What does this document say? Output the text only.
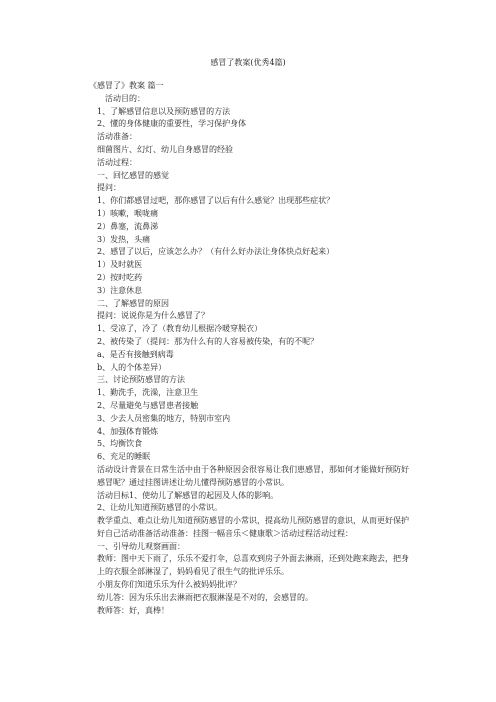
感冒了教案(优秀4篇)
《感冒了》教案 篇一
活动目的：
1、了解感冒信息以及预防感冒的方法
2、懂的身体健康的重要性，学习保护身体
活动准备：
细菌图片、幻灯、幼儿自身感冒的经验
活动过程：
一、回忆感冒的感觉
提问：
1、你们都感冒过吧，那你感冒了以后有什么感觉？出现那些症状？
1）咳嗽，喉咙痛
2）鼻塞，流鼻涕
3）发热，头痛
2、感冒了以后，应该怎么办？（有什么好办法让身体快点好起来）
1）及时就医
2）按时吃药
3）注意休息
二、了解感冒的原因
提问：说说你是为什么感冒了？
1、受凉了，冷了（教育幼儿根据冷暖穿脱衣）
2、被传染了（提问：那为什么有的人容易被传染，有的不呢？
a、是否有接触到病毒
b、人的个体差异）
三、讨论预防感冒的方法
1、勤洗手，洗澡，注意卫生
2、尽量避免与感冒患者接触
3、少去人员密集的地方，特别市室内
4、加强体育锻炼
5、均衡饮食
6、充足的睡眠
活动设计背景在日常生活中由于各种原因会很容易让我们患感冒，那如何才能做好预防好感冒呢？通过挂图讲述让幼儿懂得预防感冒的小常识。
活动目标1、使幼儿了解感冒的起因及人体的影响。
2、让幼儿知道预防感冒的小常识。
教学重点、难点让幼儿知道预防感冒的小常识，提高幼儿预防感冒的意识，从而更好保护好自己活动准备活动准备：挂图一幅音乐＜健康歌＞活动过程活动过程：
一、引导幼儿观察画面：
教师：图中天下雨了，乐乐不爱打伞，总喜欢到房子外面去淋雨，还到处跑来跑去，把身上的衣服全部淋湿了，妈妈看见了很生气的批评乐乐。
小朋友你们知道乐乐为什么被妈妈批评？
幼儿答：因为乐乐出去淋雨把衣服淋湿是不对的，会感冒的。
教师答：好，真棒！
